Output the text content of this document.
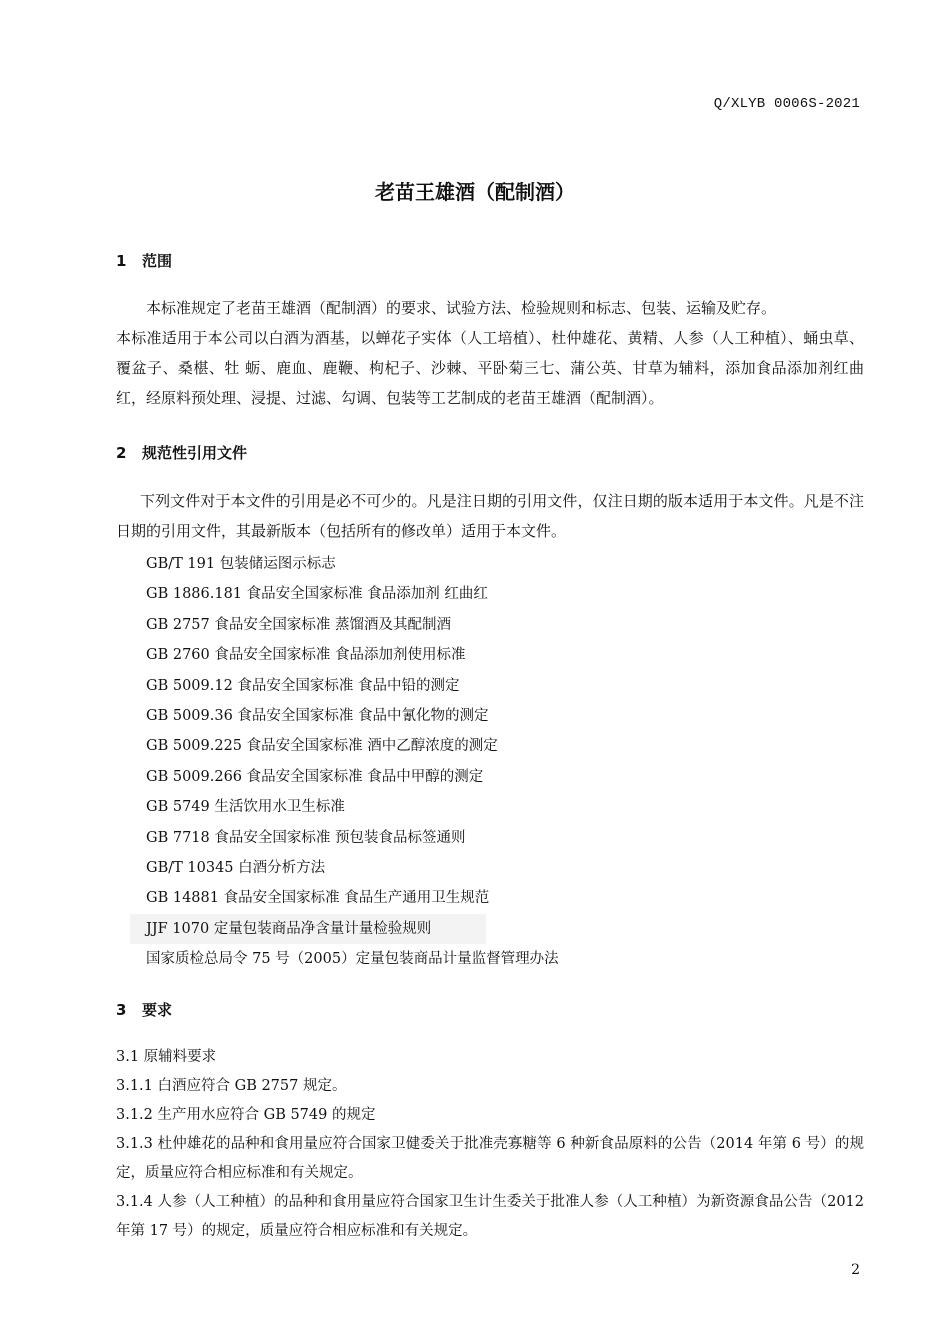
Q/XLYB 0006S-2021
老苗王雄酒（配制酒）
1 范围
本标准规定了老苗王雄酒（配制酒）的要求、试验方法、检验规则和标志、包装、运输及贮存。
本标准适用于本公司以白酒为酒基，以蝉花子实体（人工培植）、杜仲雄花、黄精、人参（人工种植）、蛹虫草、覆盆子、桑椹、牡 蛎、鹿血、鹿鞭、枸杞子、沙棘、平卧菊三七、蒲公英、甘草为辅料，添加食品添加剂红曲红，经原料预处理、浸提、过滤、勾调、包装等工艺制成的老苗王雄酒（配制酒）。
2 规范性引用文件
下列文件对于本文件的引用是必不可少的。凡是注日期的引用文件，仅注日期的版本适用于本文件。凡是不注日期的引用文件，其最新版本（包括所有的修改单）适用于本文件。
GB/T 191 包装储运图示标志
GB 1886.181 食品安全国家标准 食品添加剂 红曲红
GB 2757 食品安全国家标准 蒸馏酒及其配制酒
GB 2760 食品安全国家标准 食品添加剂使用标准
GB 5009.12 食品安全国家标准 食品中铅的测定
GB 5009.36 食品安全国家标准 食品中氰化物的测定
GB 5009.225 食品安全国家标准 酒中乙醇浓度的测定
GB 5009.266 食品安全国家标准 食品中甲醇的测定
GB 5749 生活饮用水卫生标准
GB 7718 食品安全国家标准 预包装食品标签通则
GB/T 10345 白酒分析方法
GB 14881 食品安全国家标准 食品生产通用卫生规范
JJF 1070 定量包装商品净含量计量检验规则
国家质检总局令 75 号（2005）定量包装商品计量监督管理办法
3 要求

3.1 原辅料要求

3.1.1 白酒应符合 GB 2757 规定。

3.1.2 生产用水应符合 GB 5749 的规定

3.1.3 杜仲雄花的品种和食用量应符合国家卫健委关于批准壳寡糖等 6 种新食品原料的公告（2014 年第 6 号）的规定，质量应符合相应标准和有关规定。

3.1.4 人参（人工种植）的品种和食用量应符合国家卫生计生委关于批准人参（人工种植）为新资源食品公告（2012 年第 17 号）的规定，质量应符合相应标准和有关规定。

2
